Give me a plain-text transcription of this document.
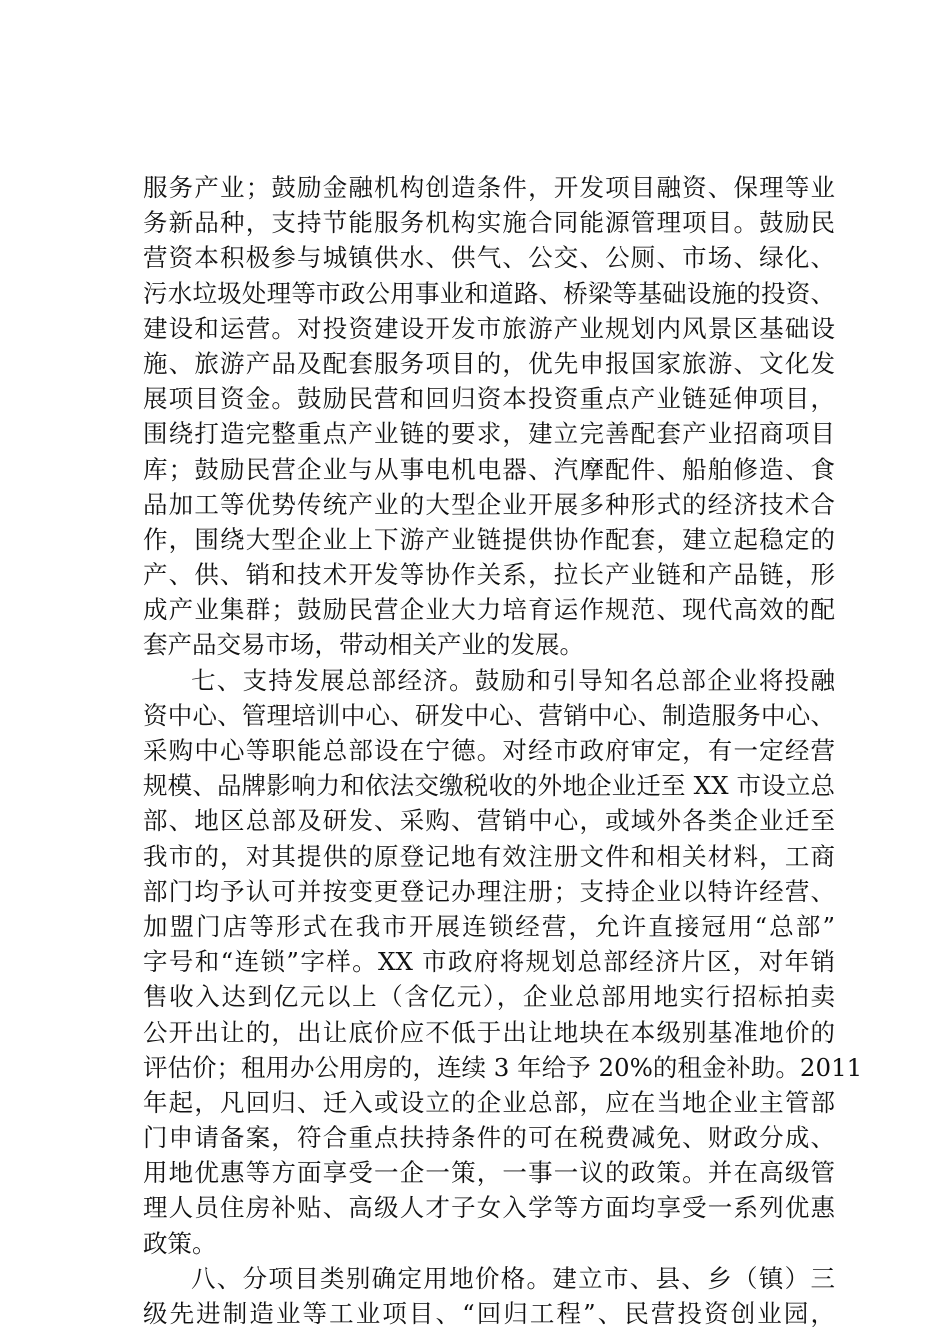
服务产业；鼓励金融机构创造条件，开发项目融资、保理等业
务新品种，支持节能服务机构实施合同能源管理项目。鼓励民
营资本积极参与城镇供水、供气、公交、公厕、市场、绿化、
污水垃圾处理等市政公用事业和道路、桥梁等基础设施的投资、
建设和运营。对投资建设开发市旅游产业规划内风景区基础设
施、旅游产品及配套服务项目的，优先申报国家旅游、文化发
展项目资金。鼓励民营和回归资本投资重点产业链延伸项目，
围绕打造完整重点产业链的要求，建立完善配套产业招商项目
库；鼓励民营企业与从事电机电器、汽摩配件、船舶修造、食
品加工等优势传统产业的大型企业开展多种形式的经济技术合
作，围绕大型企业上下游产业链提供协作配套，建立起稳定的
产、供、销和技术开发等协作关系，拉长产业链和产品链，形
成产业集群；鼓励民营企业大力培育运作规范、现代高效的配
套产品交易市场，带动相关产业的发展。
七、支持发展总部经济。鼓励和引导知名总部企业将投融
资中心、管理培训中心、研发中心、营销中心、制造服务中心、
采购中心等职能总部设在宁德。对经市政府审定，有一定经营
规模、品牌影响力和依法交缴税收的外地企业迁至 XX 市设立总
部、地区总部及研发、采购、营销中心，或域外各类企业迁至
我市的，对其提供的原登记地有效注册文件和相关材料，工商
部门均予认可并按变更登记办理注册；支持企业以特许经营、
加盟门店等形式在我市开展连锁经营，允许直接冠用“总部”
字号和“连锁”字样。XX 市政府将规划总部经济片区，对年销
售收入达到亿元以上（含亿元），企业总部用地实行招标拍卖
公开出让的，出让底价应不低于出让地块在本级别基准地价的
评估价；租用办公用房的，连续 3 年给予 20%的租金补助。2011
年起，凡回归、迁入或设立的企业总部，应在当地企业主管部
门申请备案，符合重点扶持条件的可在税费减免、财政分成、
用地优惠等方面享受一企一策，一事一议的政策。并在高级管
理人员住房补贴、高级人才子女入学等方面均享受一系列优惠
政策。
八、分项目类别确定用地价格。建立市、县、乡（镇）三
级先进制造业等工业项目、“回归工程”、民营投资创业园，
